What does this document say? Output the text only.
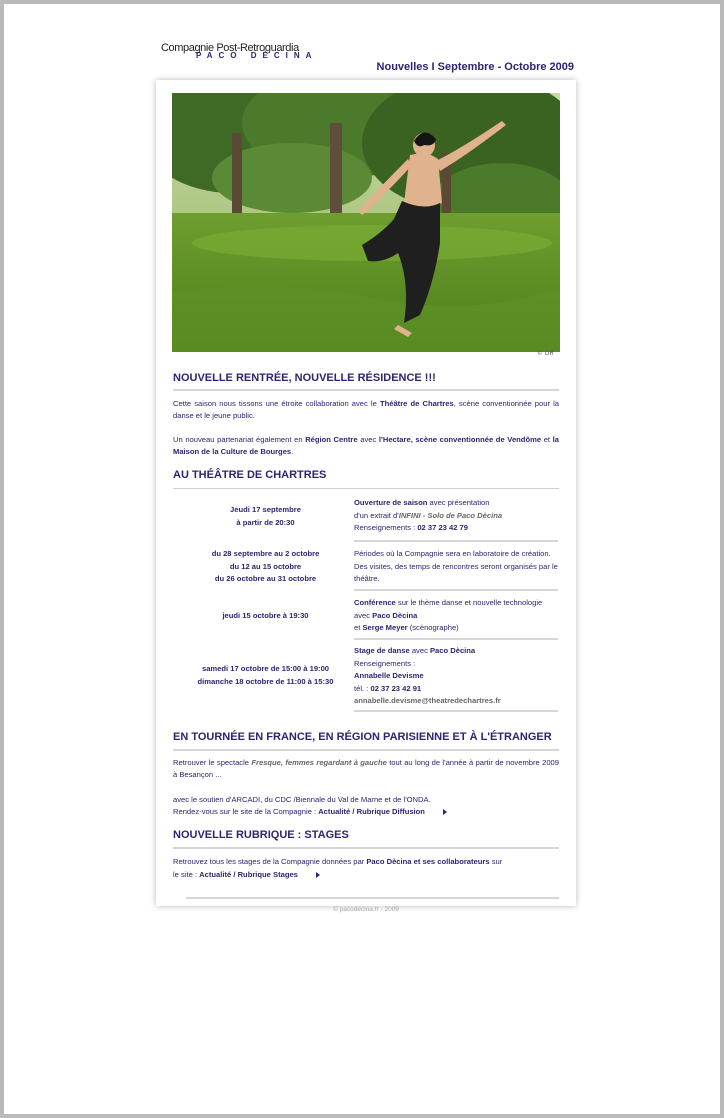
Compagnie Post-Retroguardia
PACO DÈCINA
Nouvelles I Septembre - Octobre 2009
© DR
NOUVELLE RENTRÉE, NOUVELLE RÉSIDENCE !!!

Cette saison nous tissons une étroite collaboration avec le Théâtre de Chartres, scène conventionnée pour la danse et le jeune public.

Un nouveau partenariat également en Région Centre avec l'Hectare, scène conventionnée de Vendôme et la Maison de la Culture de Bourges.

AU THÉÂTRE DE CHARTRES
Jeudi 17 septembre
à partir de 20:30
Ouverture de saison avec présentation
d'un extrait d'INFINI - Solo de Paco Dècina
Renseignements : 02 37 23 42 79
du 28 septembre au 2 octobre
du 12 au 15 octobre
du 26 octobre au 31 octobre
Périodes où la Compagnie sera en laboratoire de création. Des visites, des temps de rencontres seront organisés par le théâtre.
jeudi 15 octobre à 19:30
Conférence sur le thème danse et nouvelle technologie avec Paco Dècina
et Serge Meyer (scènographe)
samedi 17 octobre de 15:00 à 19:00
dimanche 18 octobre de 11:00 à 15:30
Stage de danse avec Paco Dècina
Renseignements :
Annabelle Devisme
tél. : 02 37 23 42 91
annabelle.devisme@theatredechartres.fr
EN TOURNÉE EN FRANCE, EN RÉGION PARISIENNE ET À L'ÉTRANGER

Retrouver le spectacle Fresque, femmes regardant à gauche tout au long de l'année à partir de novembre 2009 à Besançon ...

avec le soutien d'ARCADI, du CDC /Biennale du Val de Marne et de l'ONDA.

Rendez-vous sur le site de la Compagnie : Actualité / Rubrique Diffusion

NOUVELLE RUBRIQUE : STAGES

Retrouvez tous les stages de la Compagnie données par Paco Dècina et ses collaborateurs sur

le site : Actualité / Rubrique Stages

© pacodecina.fr - 2009
